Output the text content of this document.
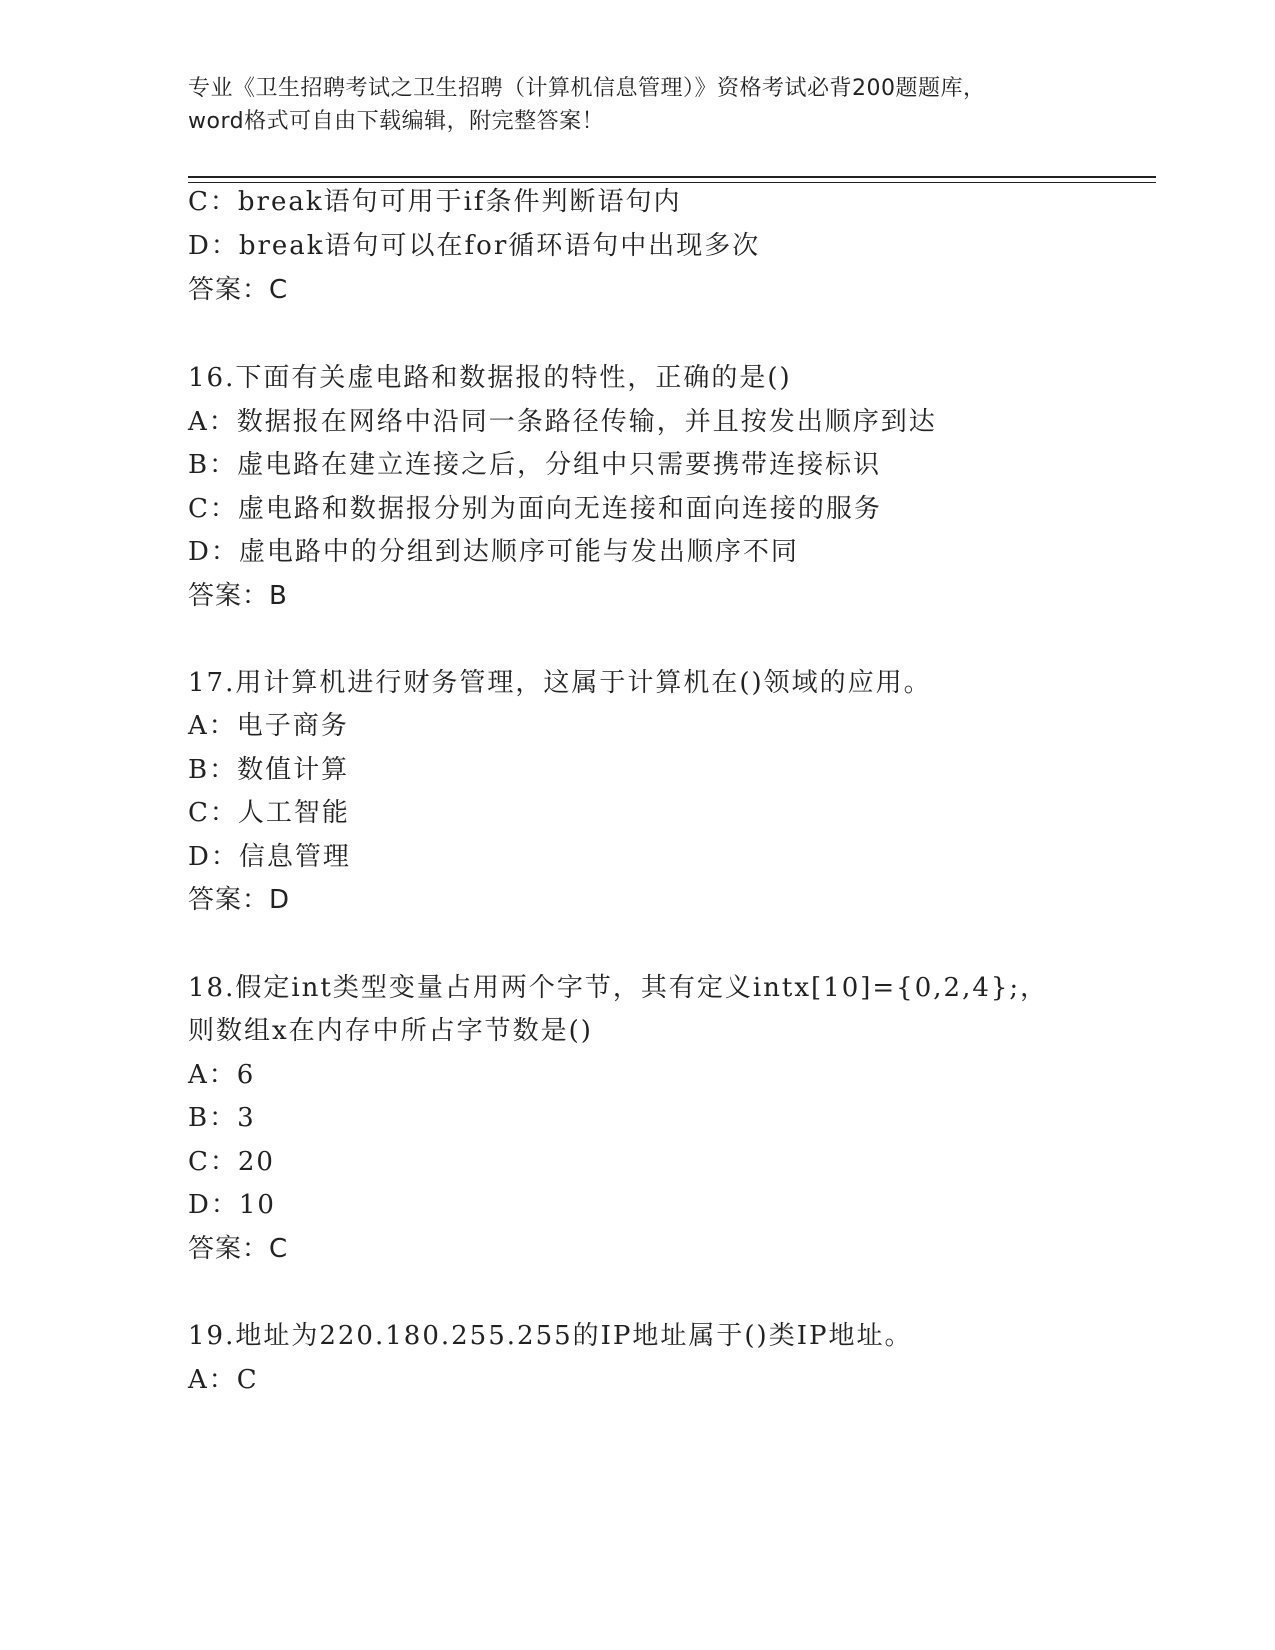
专业《卫生招聘考试之卫生招聘（计算机信息管理）》资格考试必背200题题库，
word格式可自由下载编辑，附完整答案！
C：break语句可用于if条件判断语句内
D：break语句可以在for循环语句中出现多次
答案：C
16.下面有关虚电路和数据报的特性，正确的是()
A：数据报在网络中沿同一条路径传输，并且按发出顺序到达
B：虚电路在建立连接之后，分组中只需要携带连接标识
C：虚电路和数据报分别为面向无连接和面向连接的服务
D：虚电路中的分组到达顺序可能与发出顺序不同
答案：B
17.用计算机进行财务管理，这属于计算机在()领域的应用。
A：电子商务
B：数值计算
C：人工智能
D：信息管理
答案：D
18.假定int类型变量占用两个字节，其有定义intx[10]={0,2,4};，
则数组x在内存中所占字节数是()
A：6
B：3
C：20
D：10
答案：C
19.地址为220.180.255.255的IP地址属于()类IP地址。
A：C
